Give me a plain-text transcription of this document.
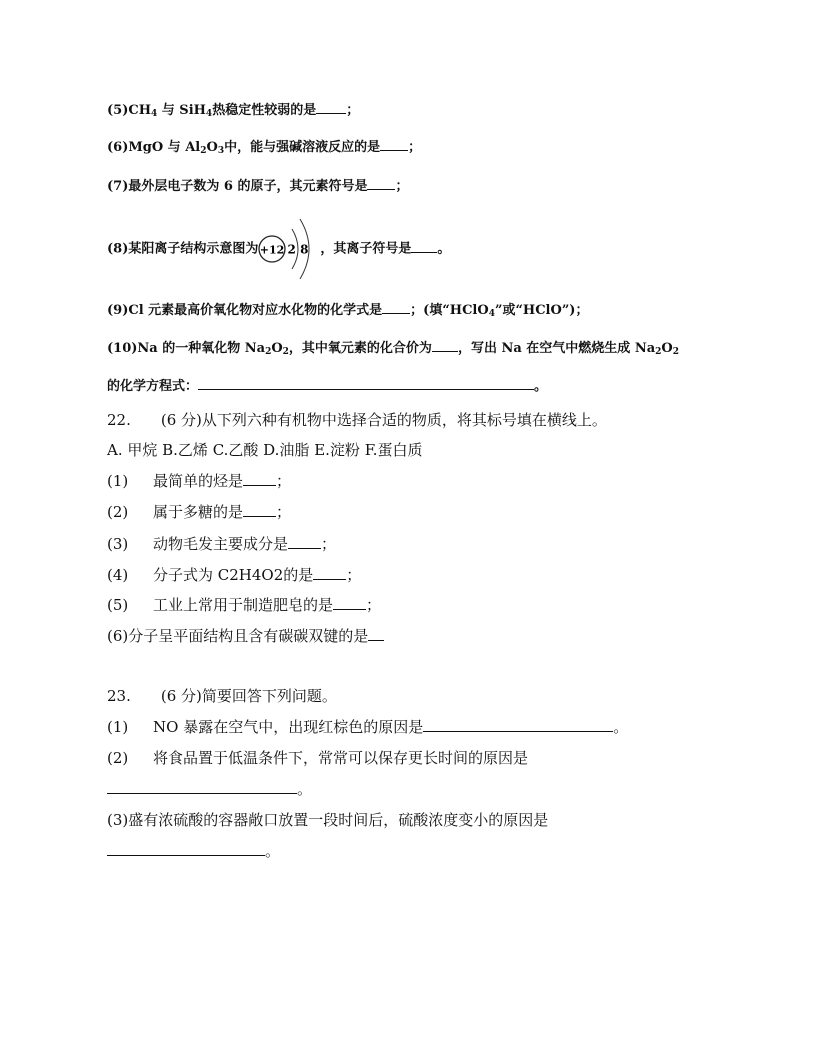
$(5)CH_4$ 与 SiH$_4$热稳定性较弱的是 ；
(6)MgO 与 $Al_2O_3$中，能与强碱溶液反应的是 ；
(7)最外层电子数为 6 的原子，其元素符号是 ；
(8)某阳离子结构示意图为 +12 2 8 ，其离子符号是 。
(9)Cl 元素最高价氧化物对应水化物的化学式是 ；(填“HClO$_4$”或“HClO”)；
(10)Na 的一种氧化物 $Na_2O_2$，其中氧元素的化合价为 ，写出 Na 在空气中燃烧生成 $Na_2O_2$
的化学方程式：	。
22.　　(6 分)从下列六种有机物中选择合适的物质，将其标号填在横线上。
A. 甲烷 B.乙烯 C.乙酸 D.油脂 E.淀粉 F.蛋白质
(1) 最简单的烃是 ；
(2) 属于多糖的是 ；
(3) 动物毛发主要成分是 ；
(4) 分子式为 C2H4O2的是 ；
(5) 工业上常用于制造肥皂的是 ；
(6)分子呈平面结构且含有碳碳双键的是
23.　　(6 分)简要回答下列问题。
(1) NO 暴露在空气中，出现红棕色的原因是	。
(2) 将食品置于低温条件下，常常可以保存更长时间的原因是
。
(3)盛有浓硫酸的容器敞口放置一段时间后，硫酸浓度变小的原因是
。
